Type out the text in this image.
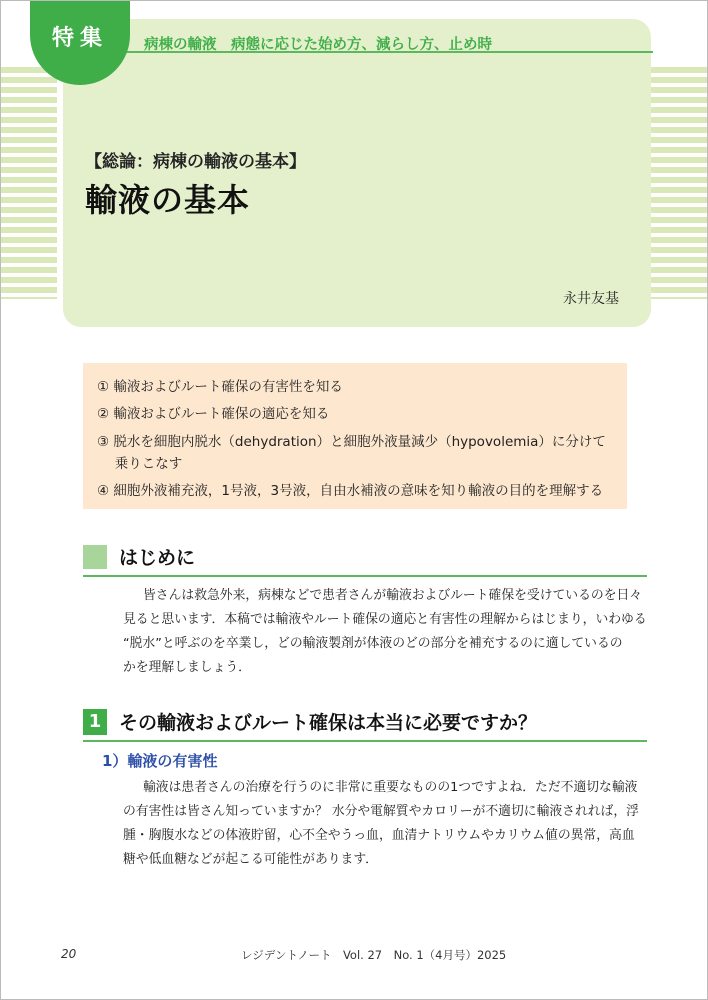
特集	病棟の輸液　病態に応じた始め方、減らし方、止め時
【総論：病棟の輸液の基本】
輸液の基本
永井友基
① 輸液およびルート確保の有害性を知る
② 輸液およびルート確保の適応を知る
③ 脱水を細胞内脱水（dehydration）と細胞外液量減少（hypovolemia）に分けて
　 乗りこなす
④ 細胞外液補充液，1号液，3号液，自由水補液の意味を知り輸液の目的を理解する
はじめに
皆さんは救急外来，病棟などで患者さんが輸液およびルート確保を受けているのを日々
見ると思います．本稿では輸液やルート確保の適応と有害性の理解からはじまり，いわゆる
“脱水”と呼ぶのを卒業し，どの輸液製剤が体液のどの部分を補充するのに適しているの
かを理解しましょう．
1 その輸液およびルート確保は本当に必要ですか？
1）輸液の有害性
輸液は患者さんの治療を行うのに非常に重要なものの1つですよね．ただ不適切な輸液
の有害性は皆さん知っていますか？ 水分や電解質やカロリーが不適切に輸液されれば，浮
腫・胸腹水などの体液貯留，心不全やうっ血，血清ナトリウムやカリウム値の異常，高血
糖や低血糖などが起こる可能性があります．
20	レジデントノート　Vol. 27　No. 1（4月号）2025
